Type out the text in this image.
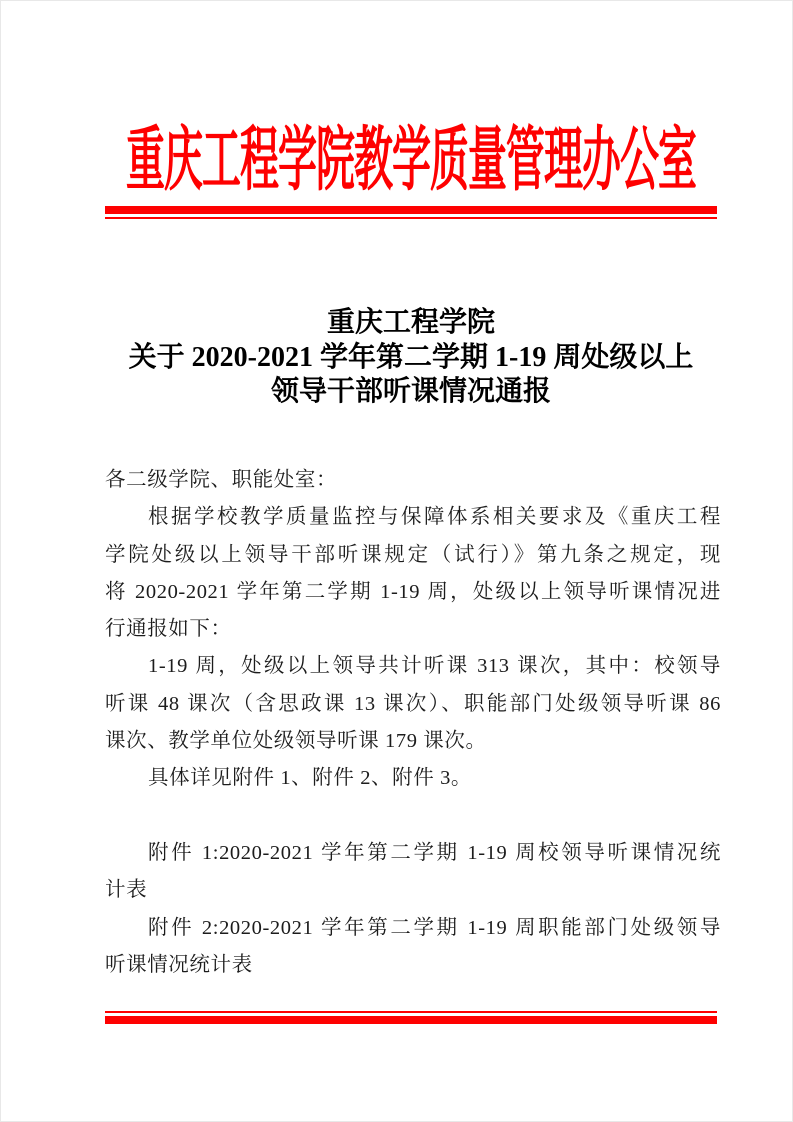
重庆工程学院教学质量管理办公室
重庆工程学院
关于 2020-2021 学年第二学期 1-19 周处级以上
领导干部听课情况通报
各二级学院、职能处室：
根据学校教学质量监控与保障体系相关要求及《重庆工程
学院处级以上领导干部听课规定（试行）》第九条之规定，现
将 2020-2021 学年第二学期 1-19 周，处级以上领导听课情况进
行通报如下：
1-19 周，处级以上领导共计听课 313 课次，其中：校领导
听课 48 课次（含思政课 13 课次）、职能部门处级领导听课 86
课次、教学单位处级领导听课 179 课次。
具体详见附件 1、附件 2、附件 3。
附件 1:2020-2021 学年第二学期 1-19 周校领导听课情况统
计表
附件 2:2020-2021 学年第二学期 1-19 周职能部门处级领导
听课情况统计表
